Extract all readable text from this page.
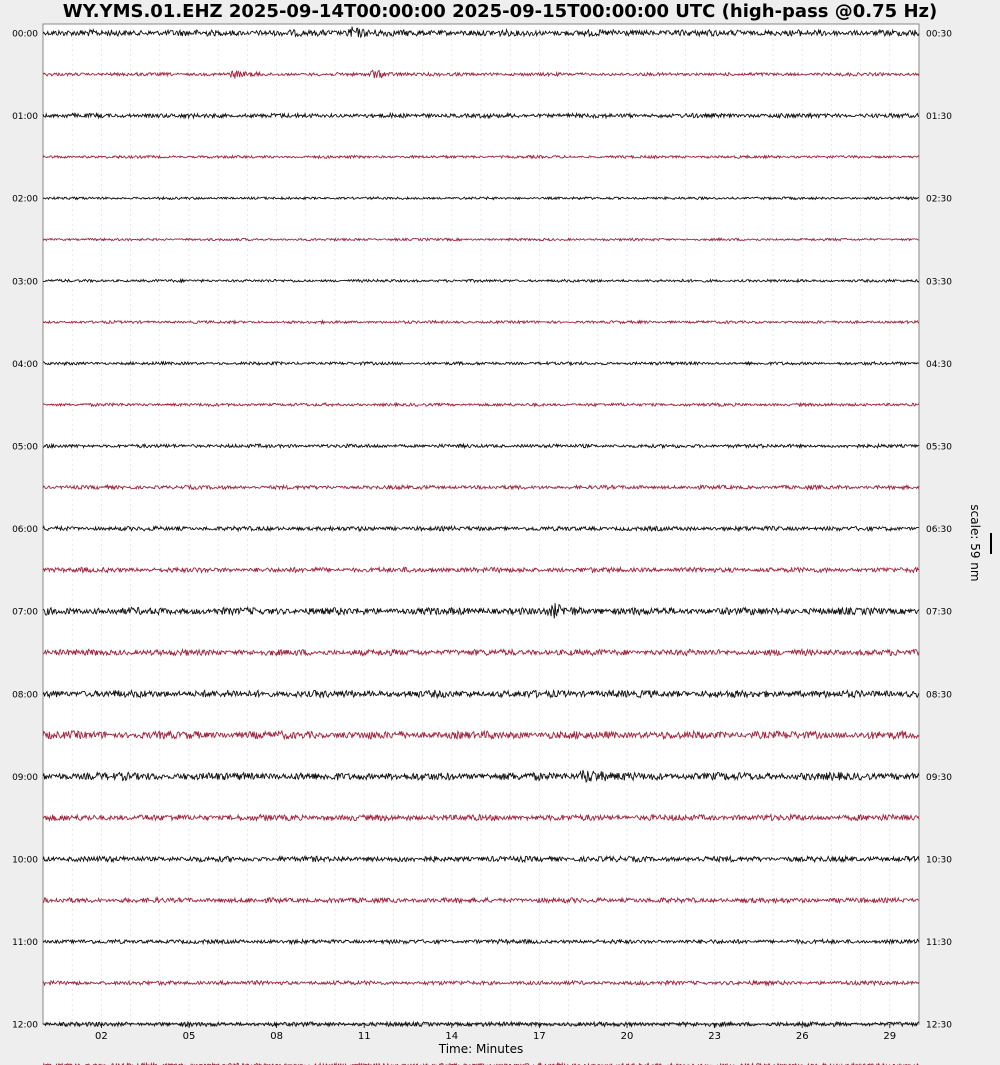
WY.YMS.01.EHZ 2025-09-14T00:00:00 2025-09-15T00:00:00 UTC (high-pass @0.75 Hz)
02	05	08	11	14	17	20	23	26	29
00:00
01:00
02:00
03:00
04:00
05:00
06:00
07:00
08:00
09:00
10:00
11:00
12:00
00:30
01:30
02:30
03:30
04:30
05:30
06:30
07:30
08:30
09:30
10:30
11:30
12:30
Time: Minutes
scale: 59 nm
